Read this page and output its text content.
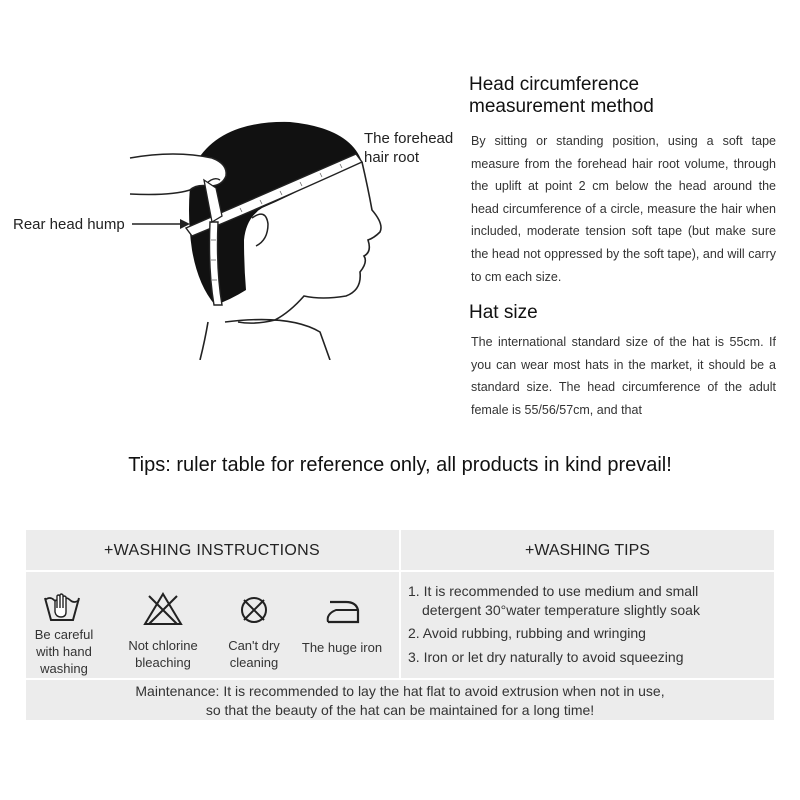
The forehead hair root
Rear head hump
Head circumference measurement method

By sitting or standing position, using a soft tape measure from the forehead hair root volume, through the uplift at point 2 cm below the head around the head circumference of a circle, measure the hair when included, moderate tension soft tape (but make sure the head not oppressed by the soft tape), and will carry to cm each size.

Hat size

The international standard size of the hat is 55cm. If you can wear most hats in the market, it should be a standard size. The head circumference of the adult female is 55/56/57cm, and that

Tips: ruler table for reference only, all products in kind prevail!
+WASHING INSTRUCTIONS	+WASHING TIPS
Be careful with hand washing
Not chlorine bleaching
Can't dry cleaning
The huge iron
1. It is recommended to use medium and small
detergent 30°water temperature slightly soak
2. Avoid rubbing, rubbing and wringing
3. Iron or let dry naturally to avoid squeezing
Maintenance: It is recommended to lay the hat flat to avoid extrusion when not in use,
so that the beauty of the hat can be maintained for a long time!
